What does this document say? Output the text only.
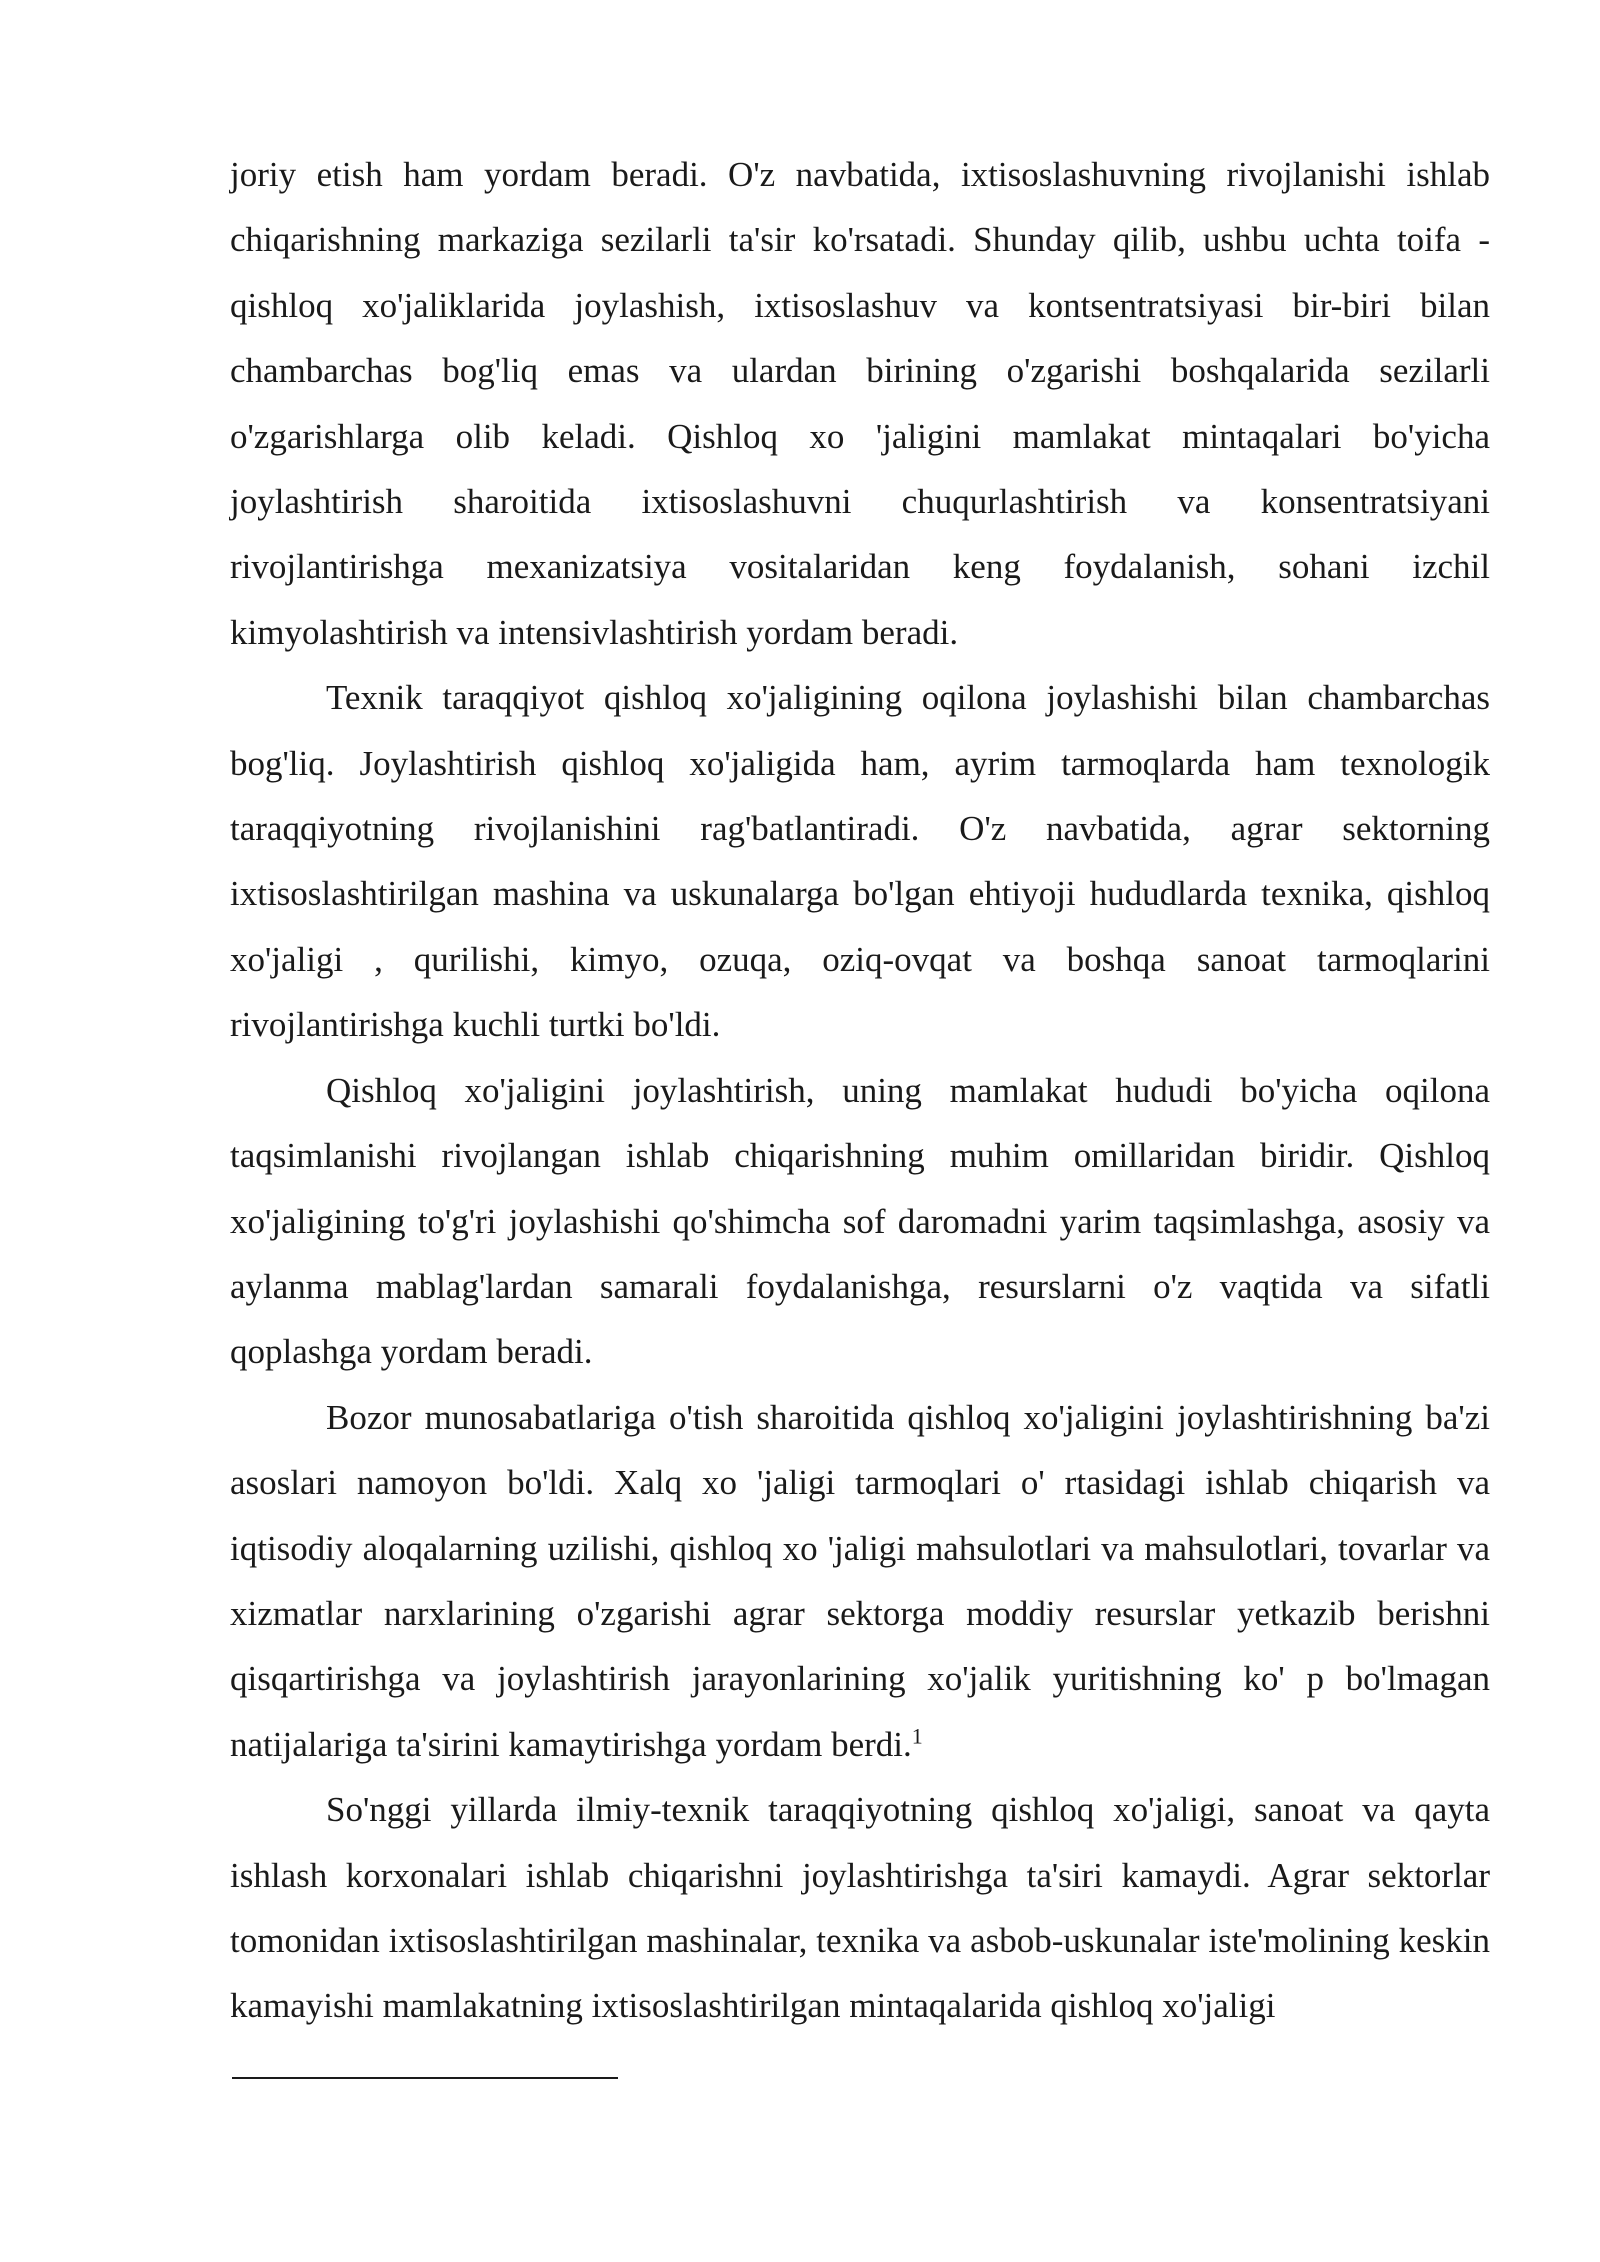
joriy etish ham yordam beradi. O'z navbatida, ixtisoslashuvning rivojlanishi ishlab chiqarishning markaziga sezilarli ta'sir ko'rsatadi. Shunday qilib, ushbu uchta toifa - qishloq xo'jaliklarida joylashish, ixtisoslashuv va kontsentratsiyasi bir-biri bilan chambarchas bog'liq emas va ulardan birining o'zgarishi boshqalarida sezilarli o'zgarishlarga olib keladi. Qishloq xo 'jaligini mamlakat mintaqalari bo'yicha joylashtirish sharoitida ixtisoslashuvni chuqurlashtirish va konsentratsiyani rivojlantirishga mexanizatsiya vositalaridan keng foydalanish, sohani izchil kimyolashtirish va intensivlashtirish yordam beradi.

Texnik taraqqiyot qishloq xo'jaligining oqilona joylashishi bilan chambarchas bog'liq. Joylashtirish qishloq xo'jaligida ham, ayrim tarmoqlarda ham texnologik taraqqiyotning rivojlanishini rag'batlantiradi. O'z navbatida, agrar sektorning ixtisoslashtirilgan mashina va uskunalarga bo'lgan ehtiyoji hududlarda texnika, qishloq xo'jaligi , qurilishi, kimyo, ozuqa, oziq-ovqat va boshqa sanoat tarmoqlarini rivojlantirishga kuchli turtki bo'ldi.

Qishloq xo'jaligini joylashtirish, uning mamlakat hududi bo'yicha oqilona taqsimlanishi rivojlangan ishlab chiqarishning muhim omillaridan biridir. Qishloq xo'jaligining to'g'ri joylashishi qo'shimcha sof daromadni yarim taqsimlashga, asosiy va aylanma mablag'lardan samarali foydalanishga, resurslarni o'z vaqtida va sifatli qoplashga yordam beradi.

Bozor munosabatlariga o'tish sharoitida qishloq xo'jaligini joylashtirishning ba'zi asoslari namoyon bo'ldi. Xalq xo 'jaligi tarmoqlari o' rtasidagi ishlab chiqarish va iqtisodiy aloqalarning uzilishi, qishloq xo 'jaligi mahsulotlari va mahsulotlari, tovarlar va xizmatlar narxlarining o'zgarishi agrar sektorga moddiy resurslar yetkazib berishni qisqartirishga va joylashtirish jarayonlarining xo'jalik yuritishning ko' p bo'lmagan natijalariga ta'sirini kamaytirishga yordam berdi.$^1$

So'nggi yillarda ilmiy-texnik taraqqiyotning qishloq xo'jaligi, sanoat va qayta ishlash korxonalari ishlab chiqarishni joylashtirishga ta'siri kamaydi. Agrar sektorlar tomonidan ixtisoslashtirilgan mashinalar, texnika va asbob-uskunalar iste'molining keskin kamayishi mamlakatning ixtisoslashtirilgan mintaqalarida qishloq xo'jaligi
